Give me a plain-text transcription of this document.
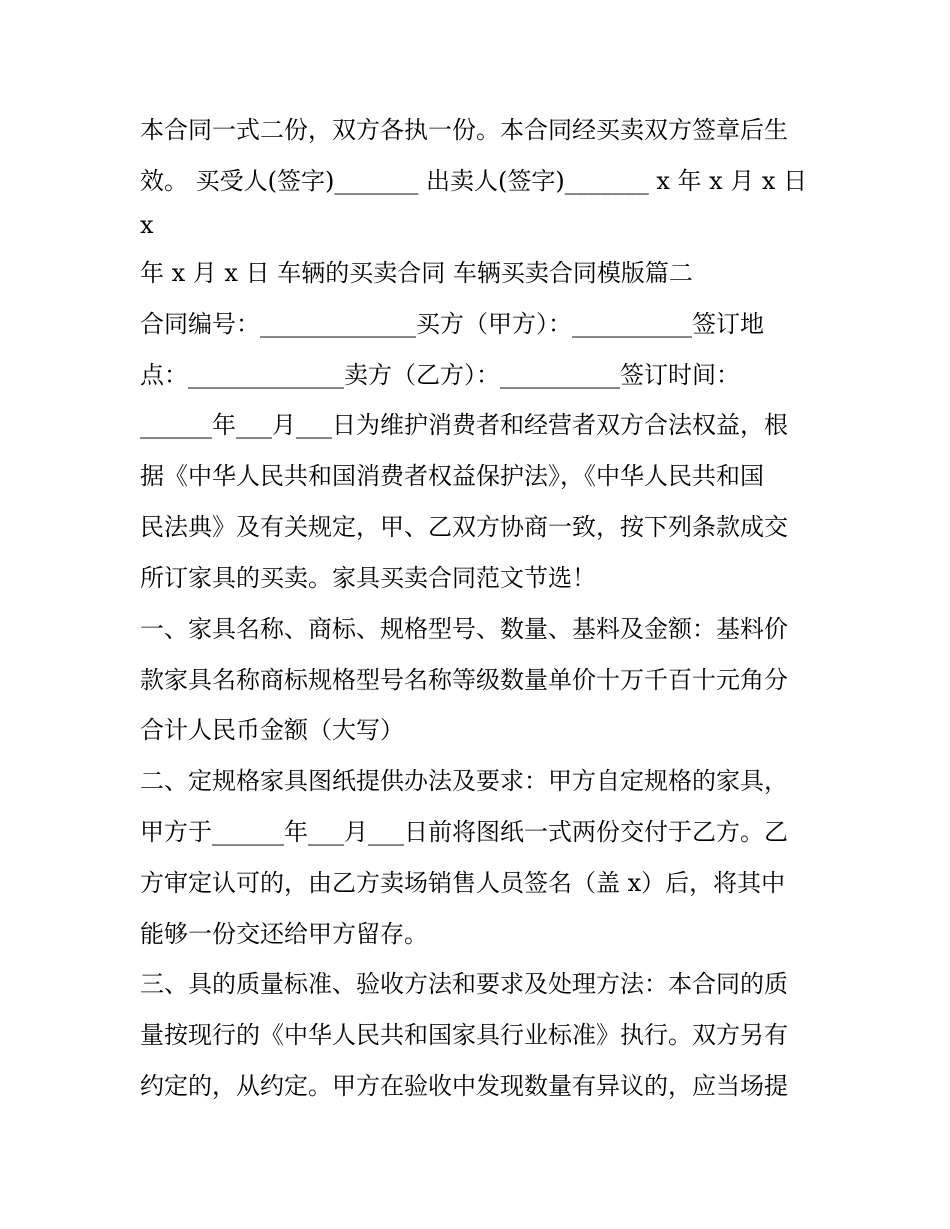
本合同一式二份，双方各执一份。本合同经买卖双方签章后生
效。 买受人(签字)_______ 出卖人(签字)_______ x 年 x 月 x 日
x
年 x 月 x 日 车辆的买卖合同 车辆买卖合同模版篇二
合同编号：_____________买方（甲方）：__________签订地
点：_____________卖方（乙方）：__________签订时间：
______年___月___日为维护消费者和经营者双方合法权益，根
据《中华人民共和国消费者权益保护法》，《中华人民共和国
民法典》及有关规定，甲、乙双方协商一致，按下列条款成交
所订家具的买卖。家具买卖合同范文节选！
一、家具名称、商标、规格型号、数量、基料及金额：基料价
款家具名称商标规格型号名称等级数量单价十万千百十元角分
合计人民币金额（大写）
二、定规格家具图纸提供办法及要求：甲方自定规格的家具，
甲方于______年___月___日前将图纸一式两份交付于乙方。乙
方审定认可的，由乙方卖场销售人员签名（盖 x）后，将其中
能够一份交还给甲方留存。
三、具的质量标准、验收方法和要求及处理方法：本合同的质
量按现行的《中华人民共和国家具行业标准》执行。双方另有
约定的，从约定。甲方在验收中发现数量有异议的，应当场提
